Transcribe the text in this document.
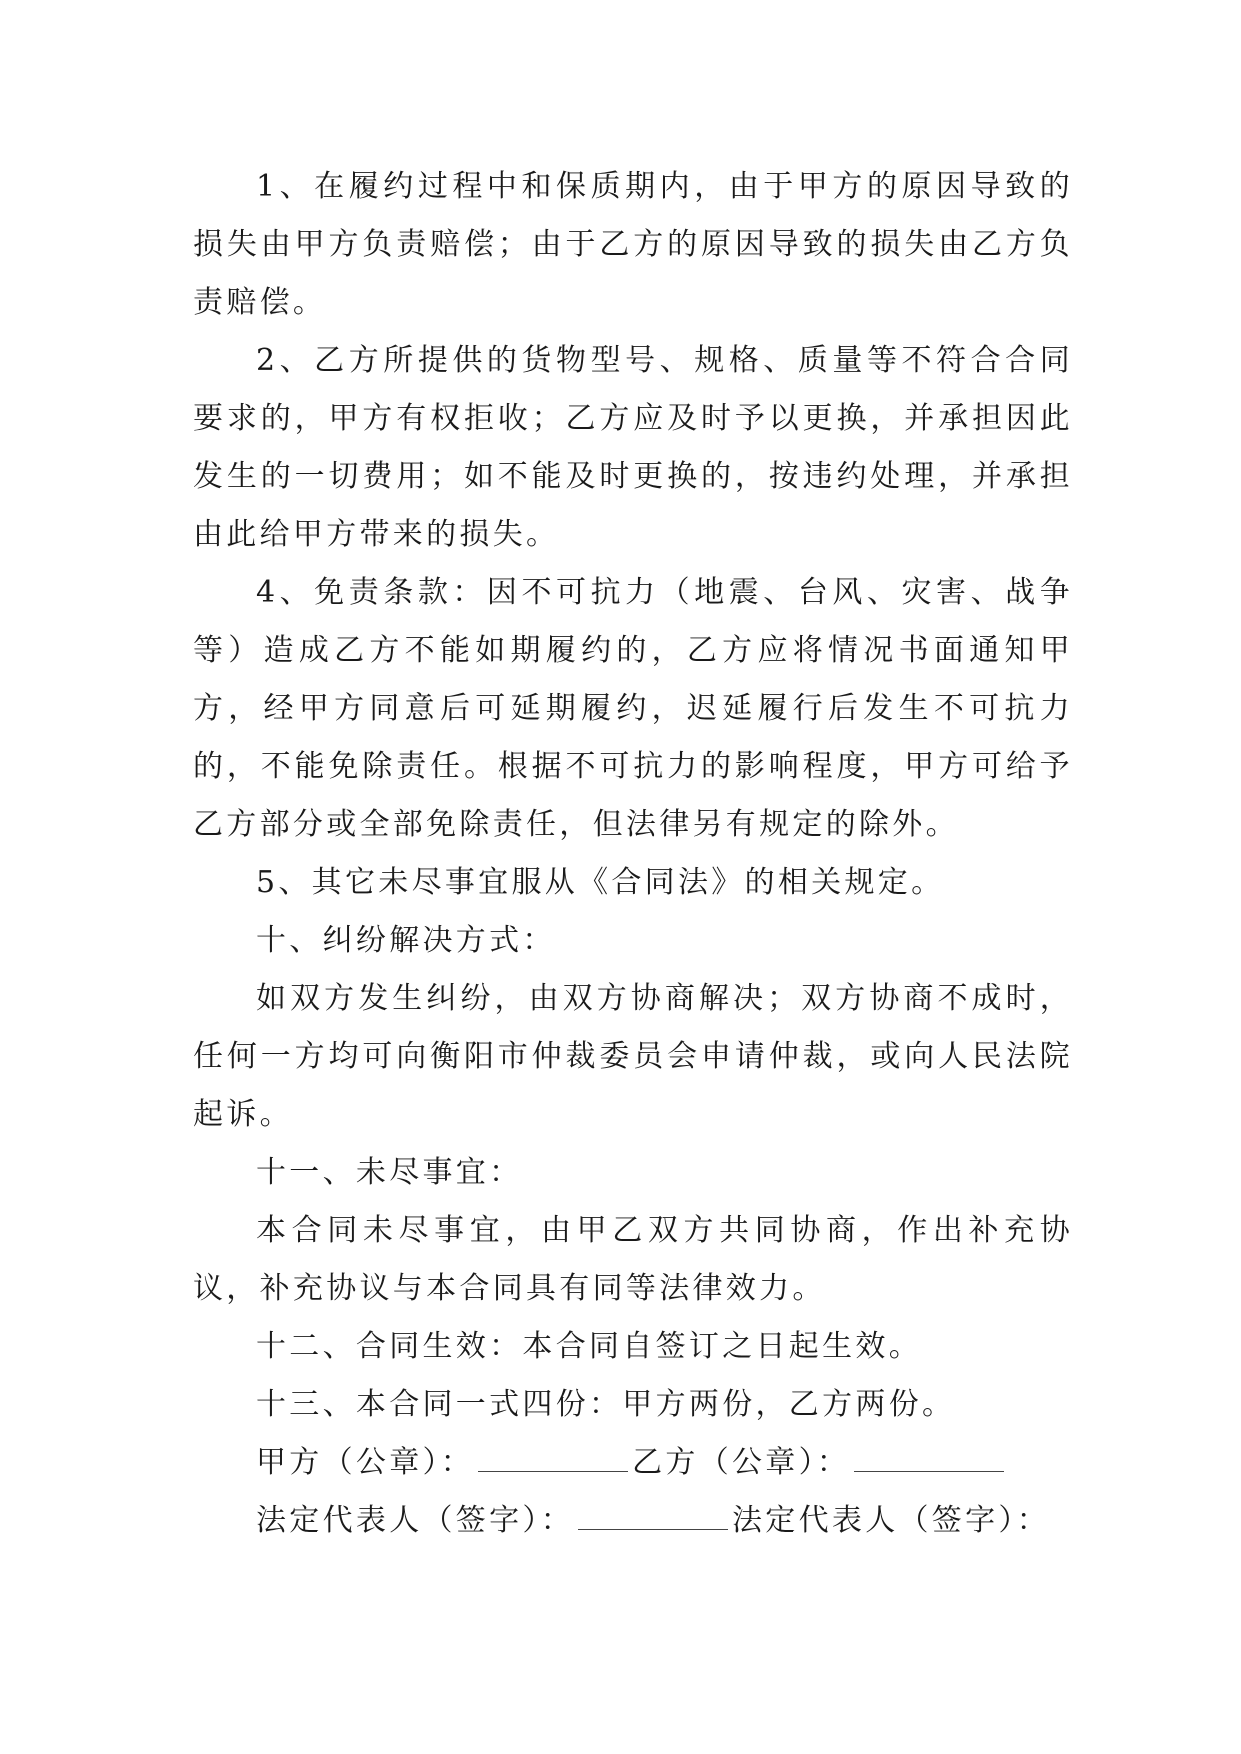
1、在履约过程中和保质期内，由于甲方的原因导致的损失由甲方负责赔偿；由于乙方的原因导致的损失由乙方负责赔偿。

2、乙方所提供的货物型号、规格、质量等不符合合同要求的，甲方有权拒收；乙方应及时予以更换，并承担因此发生的一切费用；如不能及时更换的，按违约处理，并承担由此给甲方带来的损失。

4、免责条款：因不可抗力（地震、台风、灾害、战争等）造成乙方不能如期履约的，乙方应将情况书面通知甲方，经甲方同意后可延期履约，迟延履行后发生不可抗力的，不能免除责任。根据不可抗力的影响程度，甲方可给予乙方部分或全部免除责任，但法律另有规定的除外。

5、其它未尽事宜服从《合同法》的相关规定。

十、纠纷解决方式：

如双方发生纠纷，由双方协商解决；双方协商不成时，任何一方均可向衡阳市仲裁委员会申请仲裁，或向人民法院起诉。

十一、未尽事宜：

本合同未尽事宜，由甲乙双方共同协商，作出补充协议，补充协议与本合同具有同等法律效力。

十二、合同生效：本合同自签订之日起生效。

十三、本合同一式四份：甲方两份，乙方两份。

甲方（公章）：	乙方（公章）：

法定代表人（签字）：	法定代表人（签字）：
